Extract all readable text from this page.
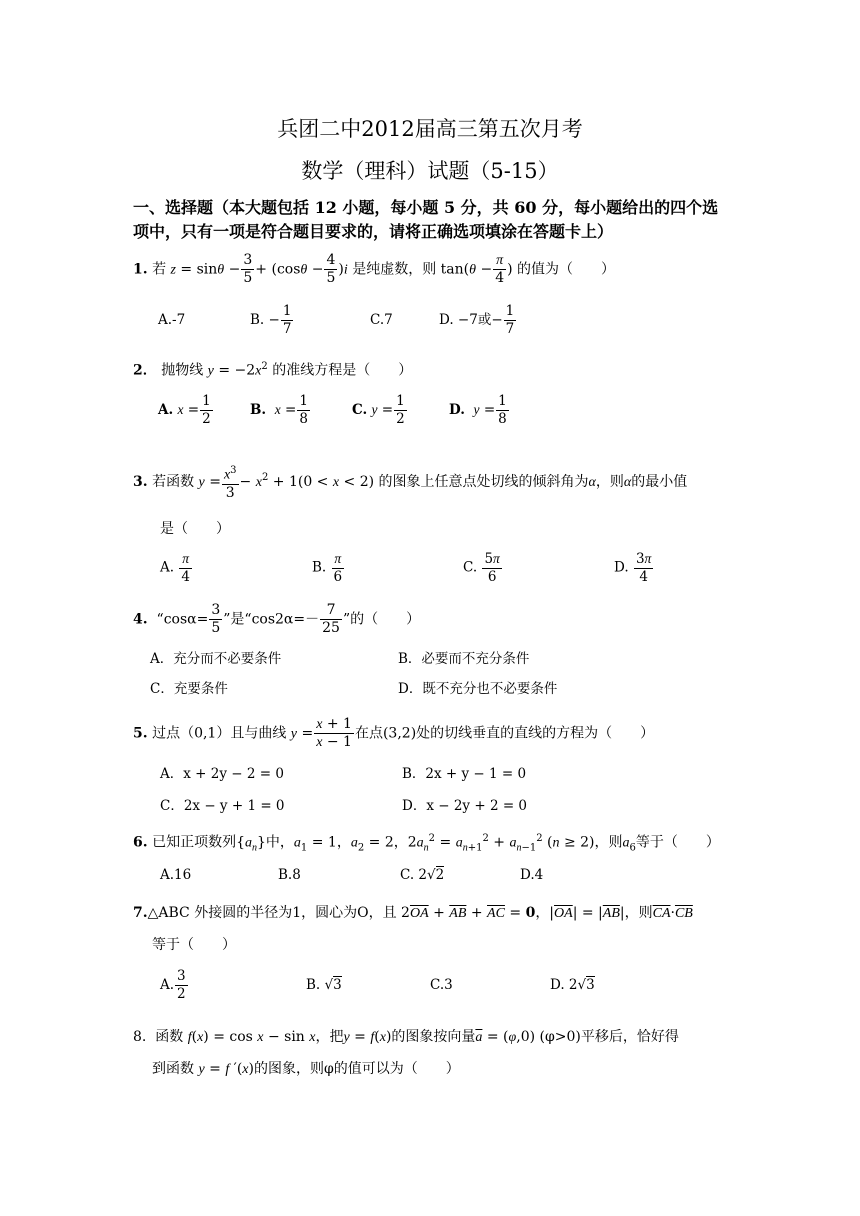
兵团二中2012届高三第五次月考
数学（理科）试题（5-15）
一、选择题（本大题包括 12 小题，每小题 5 分，共 60 分，每小题给出的四个选项中，只有一项是符合题目要求的，请将正确选项填涂在答题卡上）
1. 若 $z = \sin\theta - \frac{3}{5} + (\cos\theta - \frac{4}{5} )i$ 是纯虚数，则 $\tan(\theta - \frac{\pi}{4}$ ) 的值为（　　）
A.-7	B. − $\frac{1}{7}$	C.7	D. −7或− $\frac{1}{7}$
2． 抛物线 $y = -2x^2$ 的准线方程是（　　）
A. $x = \frac{1}{2}$	B. $x = \frac{1}{8}$	C. $y = \frac{1}{2}$	D. $y = \frac{1}{8}$
3. 若函数 $y = \frac{x^3}{3} - x^2 + 1(0 < x < 2)$ 的图象上任意点处切线的倾斜角为α，则α的最小值
是（　　）
A. $\frac{\pi}{4}$	B. $\frac{\pi}{6}$	C. $\frac{5\pi}{6}$	D. $\frac{3\pi}{4}$
4. “$\cos\alpha= \frac{3}{5}$ ”是“$\cos 2\alpha=- \frac{7}{25}$ ”的（　　）
A．充分而不必要条件	B．必要而不充分条件
C．充要条件	D．既不充分也不必要条件
5. 过点（0,1）且与曲线 $y = \frac{x + 1}{x - 1}$ 在点(3,2)处的切线垂直的直线的方程为（　　）
A．x + 2y − 2 = 0	B．2x + y − 1 = 0
C．2x − y + 1 = 0	D．x − 2y + 2 = 0
6. 已知正项数列$\{a_n\}$中，$a_1 = 1$，$a_2 = 2$，$2a_n^2 = a_{n+1}^2 + a_{n-1}^2$ (n ≥ 2)，则$a_6$等于（　　）
A.16	B.8	C. 2√2	D.4
7.△ABC 外接圆的半径为1，圆心为O，且 $2\overline{OA} + \overline{AB} + \overline{AC} = 0$，$|\overline{OA}| = |\overline{AB}|$，则$\overline{CA}\cdot\overline{CB}$
等于（　　）
A. $\frac{3}{2}$	B. √3	C.3	D. 2√3
8. 函数 f(x) = cos x − sin x，把y = f(x)的图象按向量$\overline{a} = (\varphi,0)$ (φ>0)平移后，恰好得
到函数 y = f ′(x)的图象，则φ的值可以为（　　）
